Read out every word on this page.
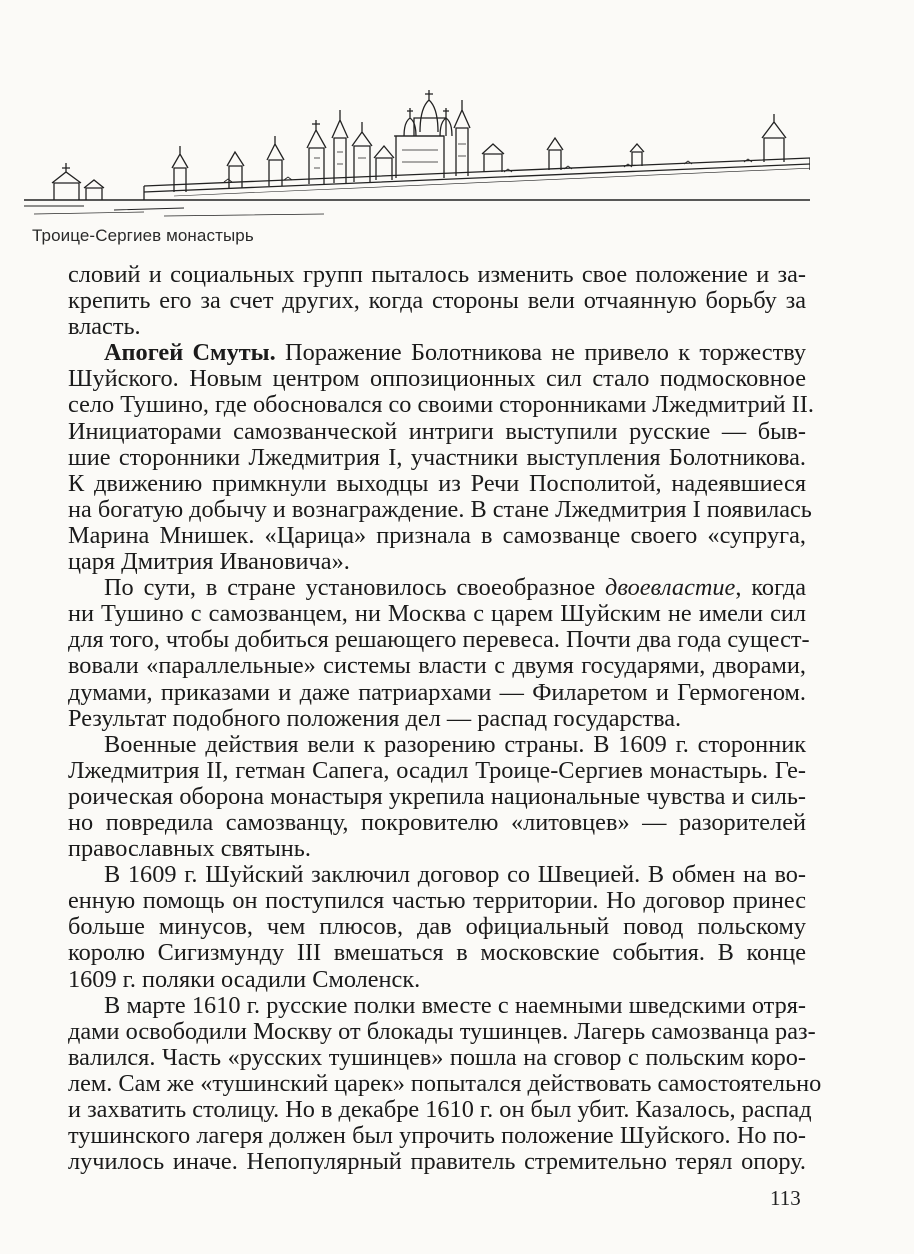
Троице-Сергиев монастырь

словий и социальных групп пыталось изменить свое положение и за-
крепить его за счет других, когда стороны вели отчаянную борьбу за
власть.

Апогей Смуты. Поражение Болотникова не привело к торжеству
Шуйского. Новым центром оппозиционных сил стало подмосковное
село Тушино, где обосновался со своими сторонниками Лжедмитрий II.
Инициаторами самозванческой интриги выступили русские — быв-
шие сторонники Лжедмитрия I, участники выступления Болотникова.
К движению примкнули выходцы из Речи Посполитой, надеявшиеся
на богатую добычу и вознаграждение. В стане Лжедмитрия I появилась
Марина Мнишек. «Царица» признала в самозванце своего «супруга,
царя Дмитрия Ивановича».

По сути, в стране установилось своеобразное двоевластие, когда
ни Тушино с самозванцем, ни Москва с царем Шуйским не имели сил
для того, чтобы добиться решающего перевеса. Почти два года сущест-
вовали «параллельные» системы власти с двумя государями, дворами,
думами, приказами и даже патриархами — Филаретом и Гермогеном.
Результат подобного положения дел — распад государства.

Военные действия вели к разорению страны. В 1609 г. сторонник
Лжедмитрия II, гетман Сапега, осадил Троице-Сергиев монастырь. Ге-
роическая оборона монастыря укрепила национальные чувства и силь-
но повредила самозванцу, покровителю «литовцев» — разорителей
православных святынь.

В 1609 г. Шуйский заключил договор со Швецией. В обмен на во-
енную помощь он поступился частью территории. Но договор принес
больше минусов, чем плюсов, дав официальный повод польскому
королю Сигизмунду III вмешаться в московские события. В конце
1609 г. поляки осадили Смоленск.

В марте 1610 г. русские полки вместе с наемными шведскими отря-
дами освободили Москву от блокады тушинцев. Лагерь самозванца раз-
валился. Часть «русских тушинцев» пошла на сговор с польским коро-
лем. Сам же «тушинский царек» попытался действовать самостоятельно
и захватить столицу. Но в декабре 1610 г. он был убит. Казалось, распад
тушинского лагеря должен был упрочить положение Шуйского. Но по-
лучилось иначе. Непопулярный правитель стремительно терял опору.

113
